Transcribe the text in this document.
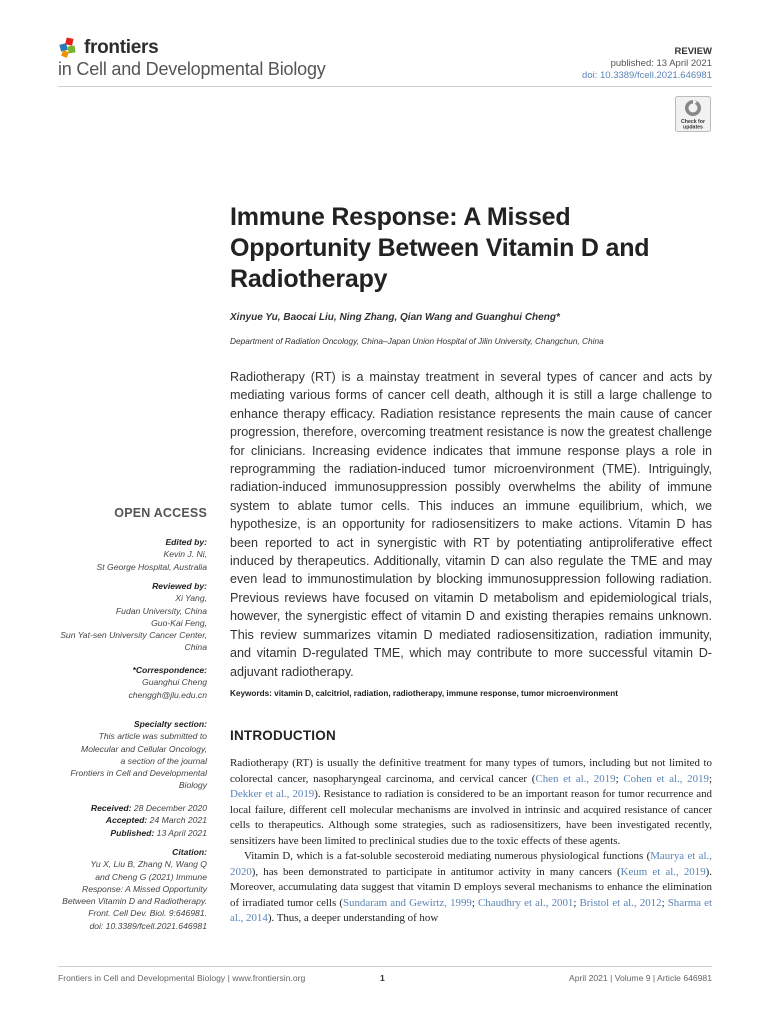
frontiers
in Cell and Developmental Biology
REVIEW
published: 13 April 2021
doi: 10.3389/fcell.2021.646981
Check for
updates
Immune Response: A Missed Opportunity Between Vitamin D and Radiotherapy
Xinyue Yu, Baocai Liu, Ning Zhang, Qian Wang and Guanghui Cheng*
Department of Radiation Oncology, China–Japan Union Hospital of Jilin University, Changchun, China
Radiotherapy (RT) is a mainstay treatment in several types of cancer and acts by mediating various forms of cancer cell death, although it is still a large challenge to enhance therapy efficacy. Radiation resistance represents the main cause of cancer progression, therefore, overcoming treatment resistance is now the greatest challenge for clinicians. Increasing evidence indicates that immune response plays a role in reprogramming the radiation-induced tumor microenvironment (TME). Intriguingly, radiation-induced immunosuppression possibly overwhelms the ability of immune system to ablate tumor cells. This induces an immune equilibrium, which, we hypothesize, is an opportunity for radiosensitizers to make actions. Vitamin D has been reported to act in synergistic with RT by potentiating antiproliferative effect induced by therapeutics. Additionally, vitamin D can also regulate the TME and may even lead to immunostimulation by blocking immunosuppression following radiation. Previous reviews have focused on vitamin D metabolism and epidemiological trials, however, the synergistic effect of vitamin D and existing therapies remains unknown. This review summarizes vitamin D mediated radiosensitization, radiation immunity, and vitamin D-regulated TME, which may contribute to more successful vitamin D-adjuvant radiotherapy.
Keywords: vitamin D, calcitriol, radiation, radiotherapy, immune response, tumor microenvironment
OPEN ACCESS
Edited by:
Kevin J. Ni,
St George Hospital, Australia
Reviewed by:
Xi Yang,
Fudan University, China
Guo-Kai Feng,
Sun Yat-sen University Cancer Center,
China
*Correspondence:
Guanghui Cheng
chenggh@jlu.edu.cn
Specialty section:
This article was submitted to
Molecular and Cellular Oncology,
a section of the journal
Frontiers in Cell and Developmental
Biology
Received: 28 December 2020
Accepted: 24 March 2021
Published: 13 April 2021
Citation:
Yu X, Liu B, Zhang N, Wang Q
and Cheng G (2021) Immune
Response: A Missed Opportunity
Between Vitamin D and Radiotherapy.
Front. Cell Dev. Biol. 9:646981.
doi: 10.3389/fcell.2021.646981
INTRODUCTION

Radiotherapy (RT) is usually the definitive treatment for many types of tumors, including but not limited to colorectal cancer, nasopharyngeal carcinoma, and cervical cancer (Chen et al., 2019; Cohen et al., 2019; Dekker et al., 2019). Resistance to radiation is considered to be an important reason for tumor recurrence and local failure, different cell molecular mechanisms are involved in intrinsic and acquired resistance of cancer cells to therapeutics. Although some strategies, such as radiosensitizers, have been investigated recently, sensitizers have been limited to preclinical studies due to the toxic effects of these agents.

Vitamin D, which is a fat-soluble secosteroid mediating numerous physiological functions (Maurya et al., 2020), has been demonstrated to participate in antitumor activity in many cancers (Keum et al., 2019). Moreover, accumulating data suggest that vitamin D employs several mechanisms to enhance the elimination of irradiated tumor cells (Sundaram and Gewirtz, 1999; Chaudhry et al., 2001; Bristol et al., 2012; Sharma et al., 2014). Thus, a deeper understanding of how

Frontiers in Cell and Developmental Biology | www.frontiersin.org	1	April 2021 | Volume 9 | Article 646981
